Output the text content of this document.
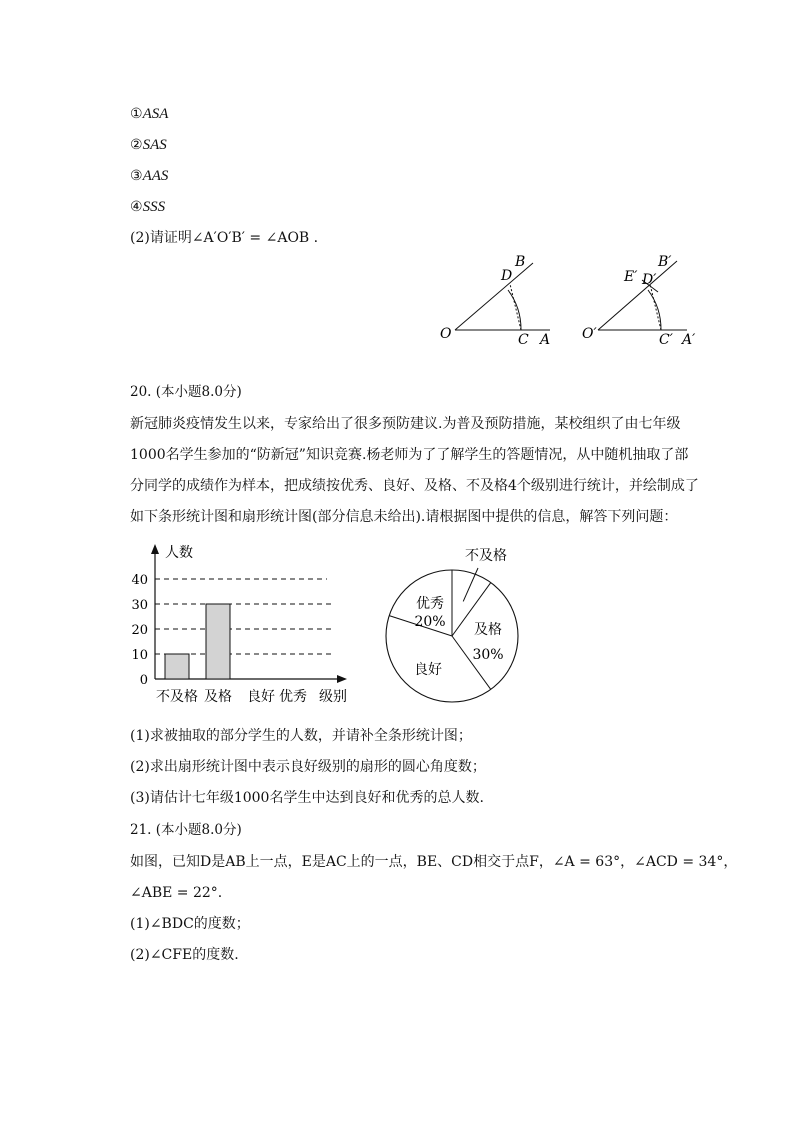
①ASA
②SAS
③AAS
④SSS
(2)请证明∠A′O′B′ = ∠AOB .
O	C A
D
B
O′	C′ A′
E′ D′
B′
20. (本小题8.0分)
新冠肺炎疫情发生以来，专家给出了很多预防建议.为普及预防措施，某校组织了由七年级
1000名学生参加的“防新冠”知识竞赛.杨老师为了了解学生的答题情况，从中随机抽取了部
分同学的成绩作为样本，把成绩按优秀、良好、及格、不及格4个级别进行统计，并绘制成了
如下条形统计图和扇形统计图(部分信息未给出).请根据图中提供的信息，解答下列问题：
0
10
20
30
40
人数
不及格 及格 良好 优秀 级别
不及格
及格
30%
良好
优秀
20%
(1)求被抽取的部分学生的人数，并请补全条形统计图；
(2)求出扇形统计图中表示良好级别的扇形的圆心角度数；
(3)请估计七年级1000名学生中达到良好和优秀的总人数.
21. (本小题8.0分)
如图，已知D是AB上一点，E是AC上的一点，BE、CD相交于点F，∠A = 63°，∠ACD = 34°，
∠ABE = 22°.
(1)∠BDC的度数；
(2)∠CFE的度数.
